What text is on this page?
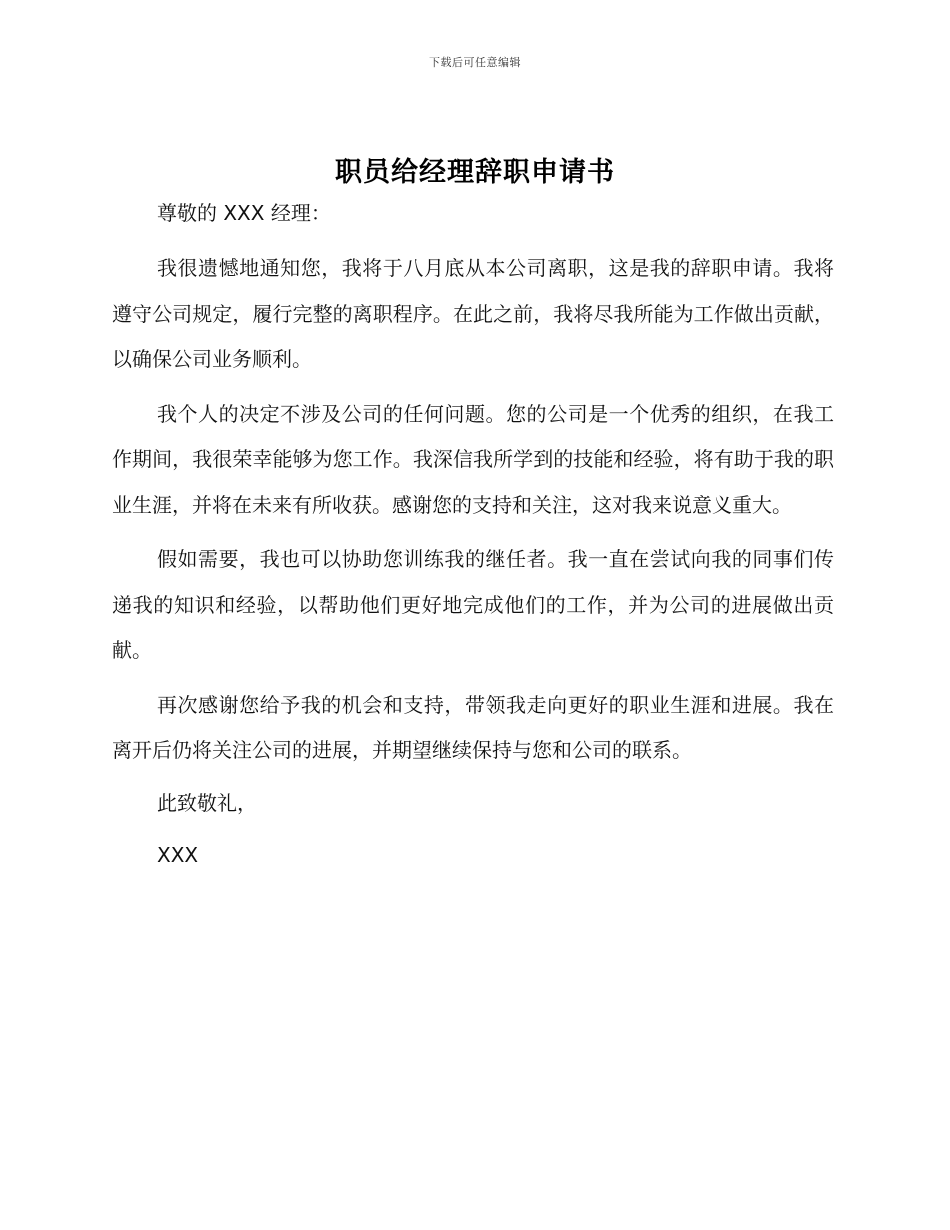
下载后可任意编辑
职员给经理辞职申请书

尊敬的 XXX 经理：

我很遗憾地通知您，我将于八月底从本公司离职，这是我的辞职申请。我将遵守公司规定，履行完整的离职程序。在此之前，我将尽我所能为工作做出贡献，以确保公司业务顺利。

我个人的决定不涉及公司的任何问题。您的公司是一个优秀的组织，在我工作期间，我很荣幸能够为您工作。我深信我所学到的技能和经验，将有助于我的职业生涯，并将在未来有所收获。感谢您的支持和关注，这对我来说意义重大。

假如需要，我也可以协助您训练我的继任者。我一直在尝试向我的同事们传递我的知识和经验，以帮助他们更好地完成他们的工作，并为公司的进展做出贡献。

再次感谢您给予我的机会和支持，带领我走向更好的职业生涯和进展。我在离开后仍将关注公司的进展，并期望继续保持与您和公司的联系。

此致敬礼，

XXX
